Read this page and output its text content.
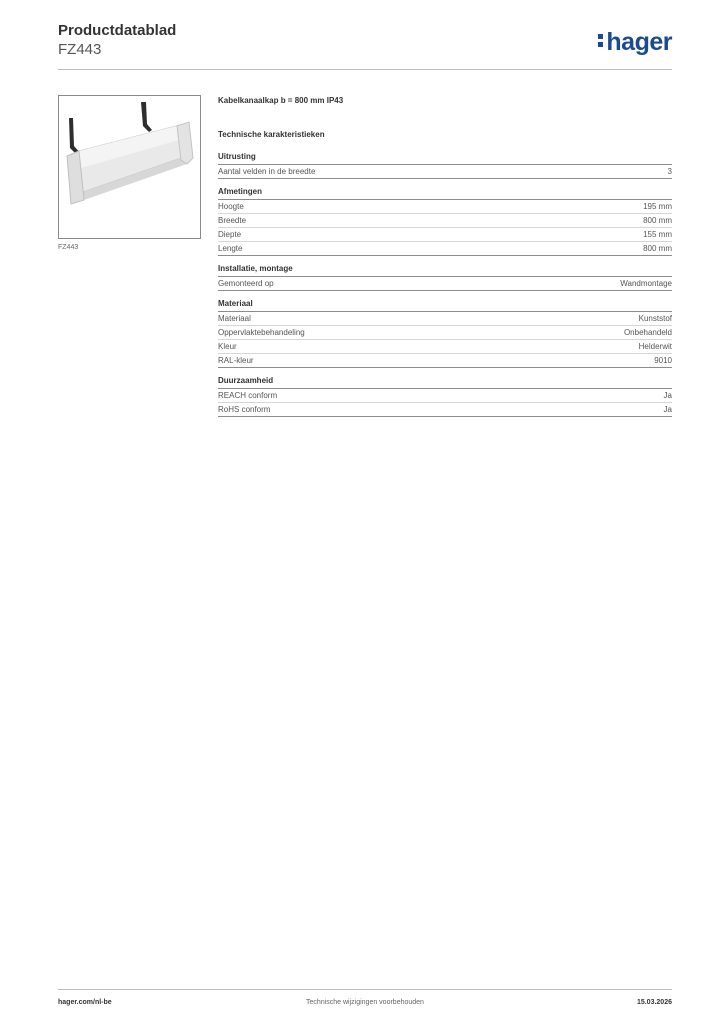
Productdatablad
FZ443	hager
FZ443
Kabelkanaalkap b = 800 mm IP43
Technische karakteristieken
Uitrusting
Aantal velden in de breedte	3
Afmetingen
Hoogte	195 mm
Breedte	800 mm
Diepte	155 mm
Lengte	800 mm
Installatie, montage
Gemonteerd op	Wandmontage
Materiaal
Materiaal	Kunststof
Oppervlaktebehandeling	Onbehandeld
Kleur	Helderwit
RAL-kleur	9010
Duurzaamheid
REACH conform	Ja
RoHS conform	Ja
hager.com/nl-be	Technische wijzigingen voorbehouden	15.03.2026
